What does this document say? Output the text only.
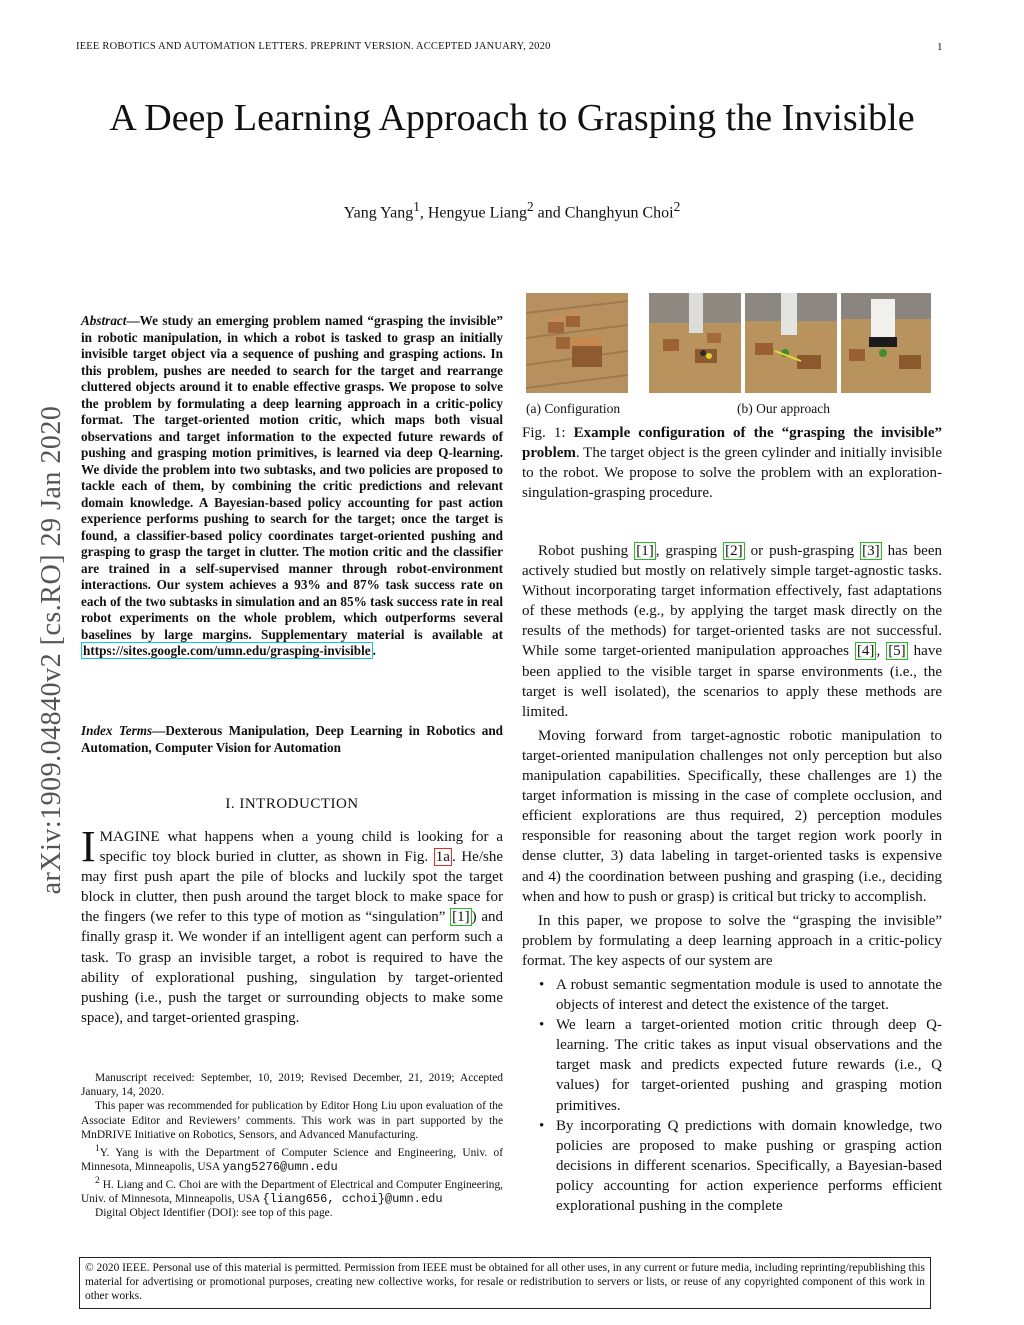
IEEE ROBOTICS AND AUTOMATION LETTERS. PREPRINT VERSION. ACCEPTED JANUARY, 2020	1
A Deep Learning Approach to Grasping the Invisible
Yang Yang$^1$, Hengyue Liang$^2$ and Changhyun Choi$^2$
arXiv:1909.04840v2 [cs.RO] 29 Jan 2020
Abstract—We study an emerging problem named “grasping the invisible” in robotic manipulation, in which a robot is tasked to grasp an initially invisible target object via a sequence of pushing and grasping actions. In this problem, pushes are needed to search for the target and rearrange cluttered objects around it to enable effective grasps. We propose to solve the problem by formulating a deep learning approach in a critic-policy format. The target-oriented motion critic, which maps both visual observations and target information to the expected future rewards of pushing and grasping motion primitives, is learned via deep Q-learning. We divide the problem into two subtasks, and two policies are proposed to tackle each of them, by combining the critic predictions and relevant domain knowledge. A Bayesian-based policy accounting for past action experience performs pushing to search for the target; once the target is found, a classifier-based policy coordinates target-oriented pushing and grasping to grasp the target in clutter. The motion critic and the classifier are trained in a self-supervised manner through robot-environment interactions. Our system achieves a 93% and 87% task success rate on each of the two subtasks in simulation and an 85% task success rate in real robot experiments on the whole problem, which outperforms several baselines by large margins. Supplementary material is available at https://sites.google.com/umn.edu/grasping-invisible .
Index Terms—Dexterous Manipulation, Deep Learning in Robotics and Automation, Computer Vision for Automation
I. INTRODUCTION
IMAGINE what happens when a young child is looking for a specific toy block buried in clutter, as shown in Fig. 1a . He/she may first push apart the pile of blocks and luckily spot the target block in clutter, then push around the target block to make space for the fingers (we refer to this type of motion as “singulation” [1] ) and finally grasp it. We wonder if an intelligent agent can perform such a task. To grasp an invisible target, a robot is required to have the ability of explorational pushing, singulation by target-oriented pushing (i.e., push the target or surrounding objects to make some space), and target-oriented grasping.

Manuscript received: September, 10, 2019; Revised December, 21, 2019; Accepted January, 14, 2020.

This paper was recommended for publication by Editor Hong Liu upon evaluation of the Associate Editor and Reviewers’ comments. This work was in part supported by the MnDRIVE Initiative on Robotics, Sensors, and Advanced Manufacturing.

$^1$Y. Yang is with the Department of Computer Science and Engineering, Univ. of Minnesota, Minneapolis, USA yang5276@umn.edu

$^2$ H. Liang and C. Choi are with the Department of Electrical and Computer Engineering, Univ. of Minnesota, Minneapolis, USA {liang656, cchoi}@umn.edu

Digital Object Identifier (DOI): see top of this page.

(a) Configuration	(b) Our approach
Fig. 1: Example configuration of the “grasping the invisible” problem. The target object is the green cylinder and initially invisible to the robot. We propose to solve the problem with an exploration-singulation-grasping procedure.

Robot pushing [1] , grasping [2] or push-grasping [3] has been actively studied but mostly on relatively simple target-agnostic tasks. Without incorporating target information effectively, fast adaptations of these methods (e.g., by applying the target mask directly on the results of the methods) for target-oriented tasks are not successful. While some target-oriented manipulation approaches [4] , [5] have been applied to the visible target in sparse environments (i.e., the target is well isolated), the scenarios to apply these methods are limited.

Moving forward from target-agnostic robotic manipulation to target-oriented manipulation challenges not only perception but also manipulation capabilities. Specifically, these challenges are 1) the target information is missing in the case of complete occlusion, and efficient explorations are thus required, 2) perception modules responsible for reasoning about the target region work poorly in dense clutter, 3) data labeling in target-oriented tasks is expensive and 4) the coordination between pushing and grasping (i.e., deciding when and how to push or grasp) is critical but tricky to accomplish.

In this paper, we propose to solve the “grasping the invisible” problem by formulating a deep learning approach in a critic-policy format. The key aspects of our system are

• A robust semantic segmentation module is used to annotate the objects of interest and detect the existence of the target.
• We learn a target-oriented motion critic through deep Q-learning. The critic takes as input visual observations and the target mask and predicts expected future rewards (i.e., Q values) for target-oriented pushing and grasping motion primitives.
• By incorporating Q predictions with domain knowledge, two policies are proposed to make pushing or grasping action decisions in different scenarios. Specifically, a Bayesian-based policy accounting for action experience performs efficient explorational pushing in the complete
© 2020 IEEE. Personal use of this material is permitted. Permission from IEEE must be obtained for all other uses, in any current or future media, including reprinting/republishing this material for advertising or promotional purposes, creating new collective works, for resale or redistribution to servers or lists, or reuse of any copyrighted component of this work in other works.
